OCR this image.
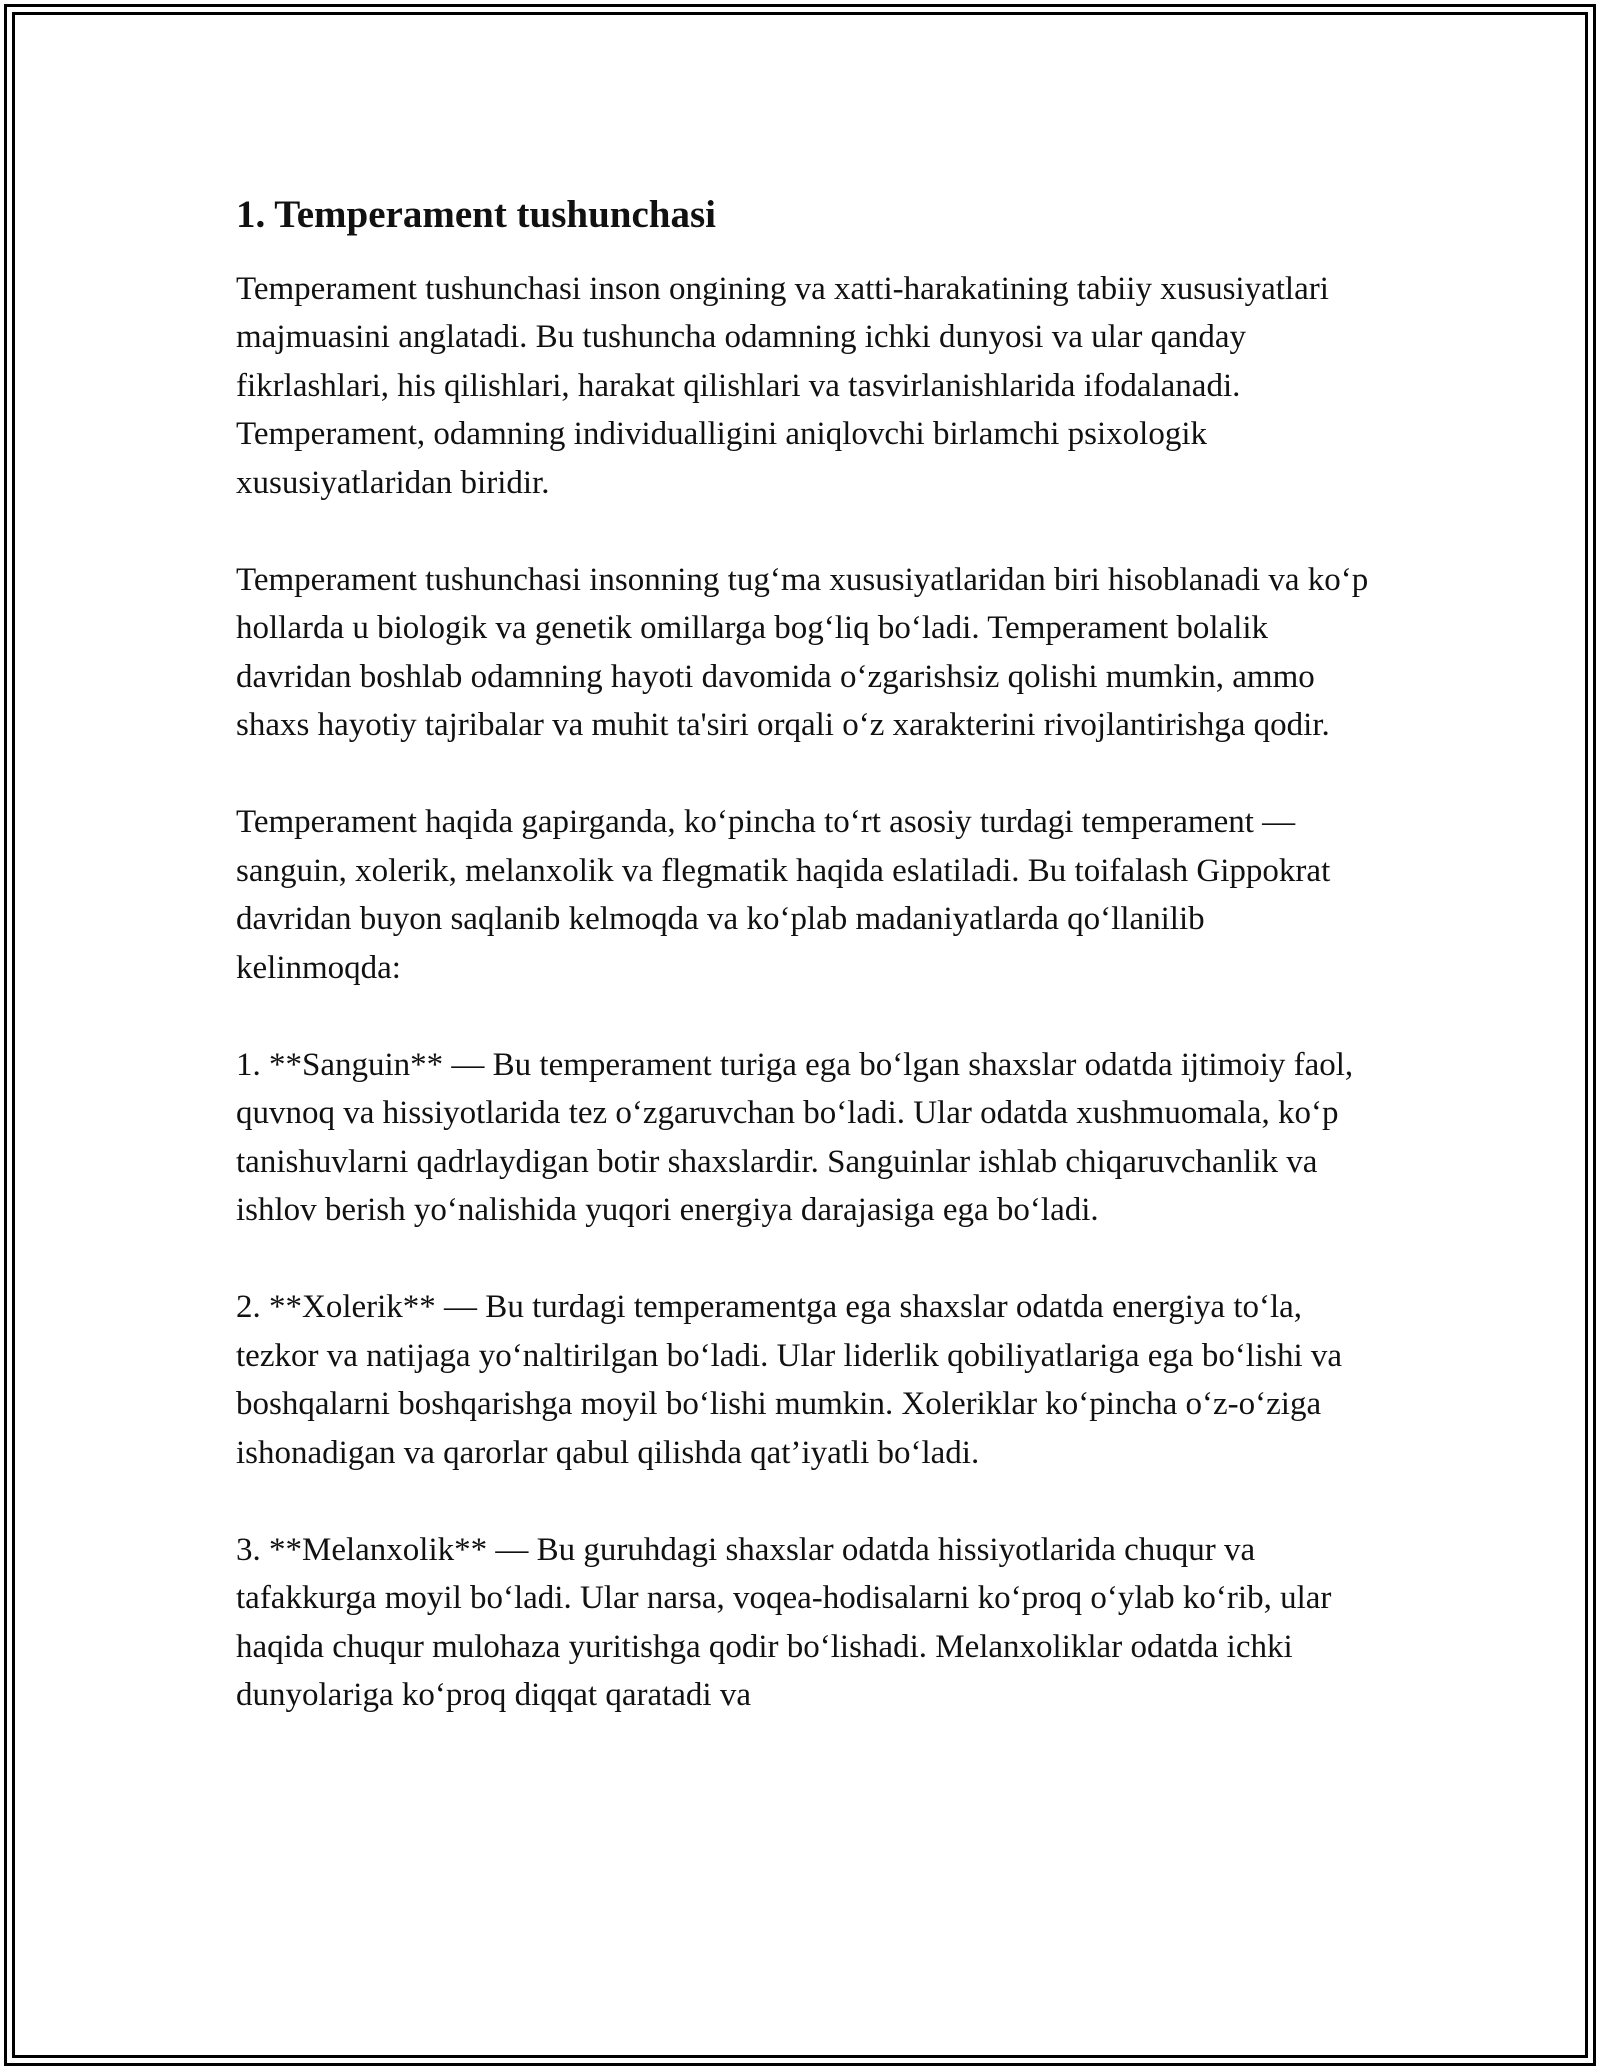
1. Temperament tushunchasi

Temperament tushunchasi inson ongining va xatti-harakatining tabiiy xususiyatlari majmuasini anglatadi. Bu tushuncha odamning ichki dunyosi va ular qanday fikrlashlari, his qilishlari, harakat qilishlari va tasvirlanishlarida ifodalanadi. Temperament, odamning individualligini aniqlovchi birlamchi psixologik xususiyatlaridan biridir.

Temperament tushunchasi insonning tug‘ma xususiyatlaridan biri hisoblanadi va ko‘p hollarda u biologik va genetik omillarga bog‘liq bo‘ladi. Temperament bolalik davridan boshlab odamning hayoti davomida o‘zgarishsiz qolishi mumkin, ammo shaxs hayotiy tajribalar va muhit ta'siri orqali o‘z xarakterini rivojlantirishga qodir.

Temperament haqida gapirganda, ko‘pincha to‘rt asosiy turdagi temperament — sanguin, xolerik, melanxolik va flegmatik haqida eslatiladi. Bu toifalash Gippokrat davridan buyon saqlanib kelmoqda va ko‘plab madaniyatlarda qo‘llanilib kelinmoqda:

1. **Sanguin** — Bu temperament turiga ega bo‘lgan shaxslar odatda ijtimoiy faol, quvnoq va hissiyotlarida tez o‘zgaruvchan bo‘ladi. Ular odatda xushmuomala, ko‘p tanishuvlarni qadrlaydigan botir shaxslardir. Sanguinlar ishlab chiqaruvchanlik va ishlov berish yo‘nalishida yuqori energiya darajasiga ega bo‘ladi.

2. **Xolerik** — Bu turdagi temperamentga ega shaxslar odatda energiya to‘la, tezkor va natijaga yo‘naltirilgan bo‘ladi. Ular liderlik qobiliyatlariga ega bo‘lishi va boshqalarni boshqarishga moyil bo‘lishi mumkin. Xoleriklar ko‘pincha o‘z-o‘ziga ishonadigan va qarorlar qabul qilishda qat’iyatli bo‘ladi.

3. **Melanxolik** — Bu guruhdagi shaxslar odatda hissiyotlarida chuqur va tafakkurga moyil bo‘ladi. Ular narsa, voqea-hodisalarni ko‘proq o‘ylab ko‘rib, ular haqida chuqur mulohaza yuritishga qodir bo‘lishadi. Melanxoliklar odatda ichki dunyolariga ko‘proq diqqat qaratadi va
